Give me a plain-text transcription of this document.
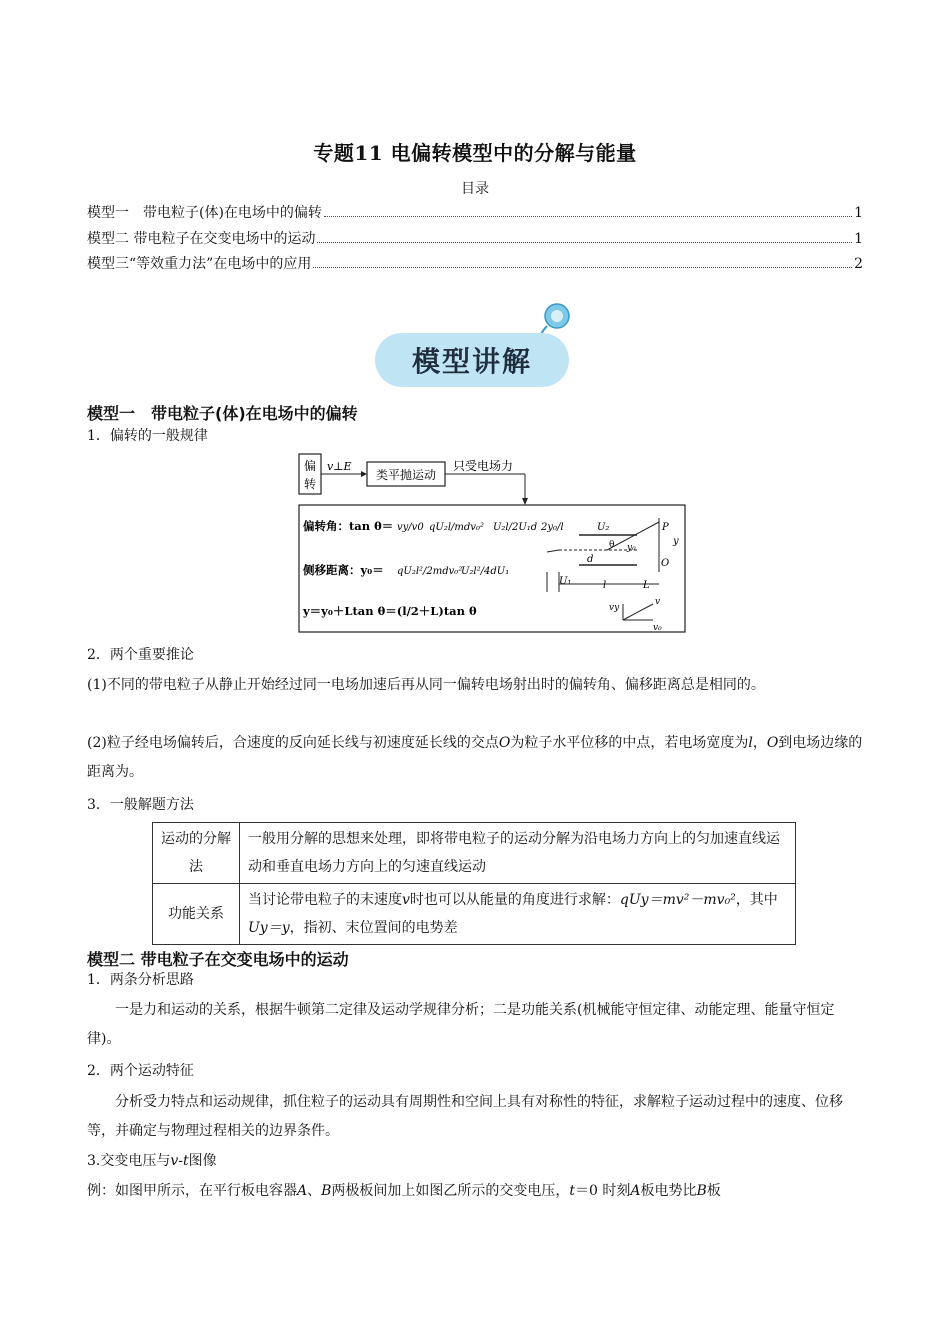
专题11 电偏转模型中的分解与能量
目录
模型一　带电粒子(体)在电场中的偏转	1
模型二 带电粒子在交变电场中的运动	1
模型三“等效重力法”在电场中的应用	2
模型讲解
模型一　带电粒子(体)在电场中的偏转
1．偏转的一般规律
偏
转
v⊥E
类平抛运动
只受电场力
偏转角：tan θ＝ vy/v0 qU₂l/mdv₀² U₂l/2U₁d 2y₀/l
侧移距离：y₀＝ qU₂l²/2mdv₀²
U₂l²/4dU₁
y＝y₀＋Ltan θ＝(l/2＋L)tan θ
U₂
U₁
d
θ y₀
P
y
O
l	L
vy
v
v₀
2．两个重要推论
(1)不同的带电粒子从静止开始经过同一电场加速后再从同一偏转电场射出时的偏转角、偏移距离总是相同的。
(2)粒子经电场偏转后，合速度的反向延长线与初速度延长线的交点O为粒子水平位移的中点，若电场宽度为l，O到电场边缘的距离为。
3．一般解题方法
运动的分解法	一般用分解的思想来处理，即将带电粒子的运动分解为沿电场力方向上的匀加速直线运动和垂直电场力方向上的匀速直线运动
功能关系	当讨论带电粒子的末速度v时也可以从能量的角度进行求解：qUy＝mv²－mv₀²，其中Uy＝y，指初、末位置间的电势差
模型二 带电粒子在交变电场中的运动
1．两条分析思路
一是力和运动的关系，根据牛顿第二定律及运动学规律分析；二是功能关系(机械能守恒定律、动能定理、能量守恒定律)。
2．两个运动特征
分析受力特点和运动规律，抓住粒子的运动具有周期性和空间上具有对称性的特征，求解粒子运动过程中的速度、位移等，并确定与物理过程相关的边界条件。
3.交变电压与v-t图像
例：如图甲所示，在平行板电容器A、B两极板间加上如图乙所示的交变电压，t＝0 时刻A板电势比B板
